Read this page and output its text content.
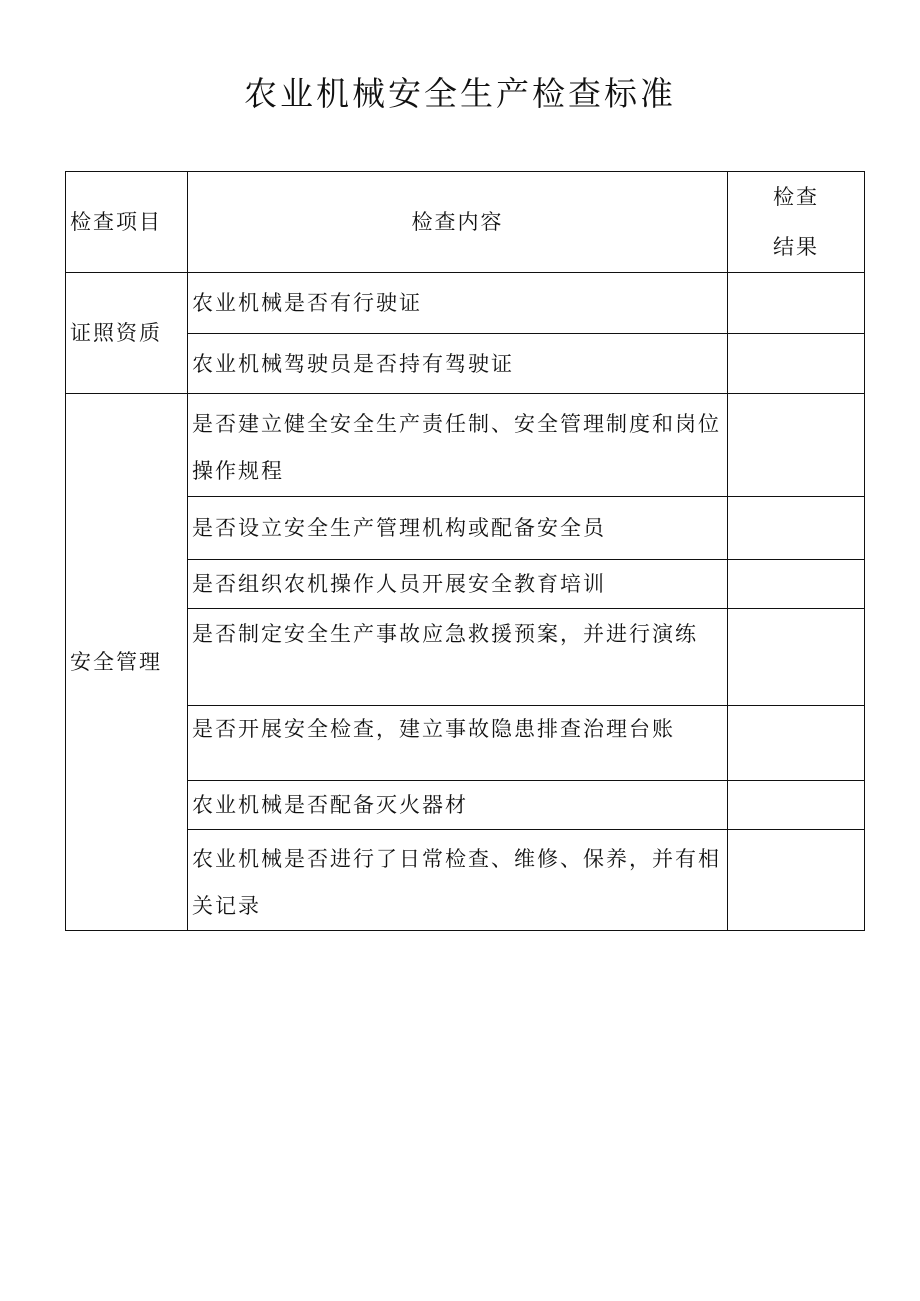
农业机械安全生产检查标准
检查项目	检查内容	检查
结果
证照资质	农业机械是否有行驶证	
	农业机械驾驶员是否持有驾驶证	
安全管理	是否建立健全安全生产责任制、安全管理制度和岗位操作规程	
	是否设立安全生产管理机构或配备安全员	
	是否组织农机操作人员开展安全教育培训	
	是否制定安全生产事故应急救援预案，并进行演练	
	是否开展安全检查，建立事故隐患排查治理台账	
	农业机械是否配备灭火器材	
	农业机械是否进行了日常检查、维修、保养，并有相关记录	
